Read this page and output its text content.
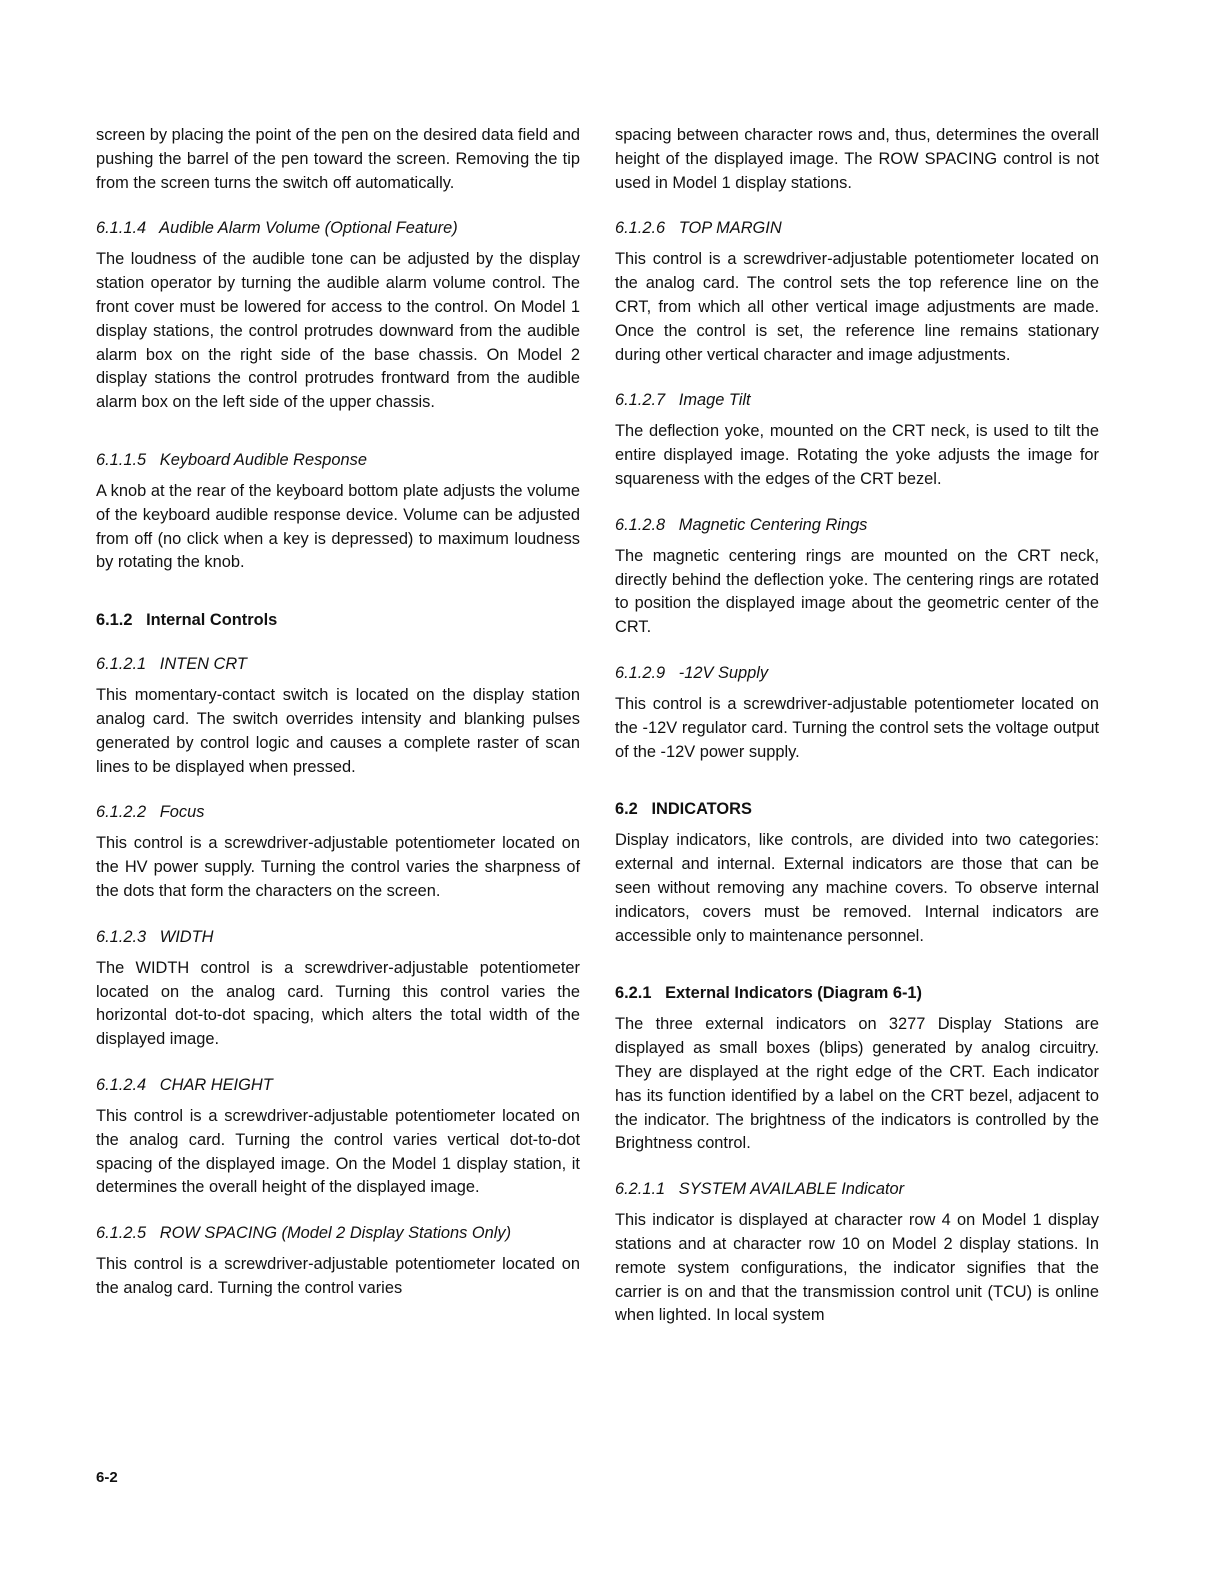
screen by placing the point of the pen on the desired data field and pushing the barrel of the pen toward the screen. Removing the tip from the screen turns the switch off automatically.

6.1.1.4   Audible Alarm Volume (Optional Feature)

The loudness of the audible tone can be adjusted by the display station operator by turning the audible alarm volume control. The front cover must be lowered for access to the control. On Model 1 display stations, the control protrudes downward from the audible alarm box on the right side of the base chassis. On Model 2 display stations the control protrudes frontward from the audible alarm box on the left side of the upper chassis.

6.1.1.5   Keyboard Audible Response

A knob at the rear of the keyboard bottom plate adjusts the volume of the keyboard audible response device. Volume can be adjusted from off (no click when a key is depressed) to maximum loudness by rotating the knob.

6.1.2   Internal Controls

6.1.2.1   INTEN CRT

This momentary-contact switch is located on the display station analog card. The switch overrides intensity and blanking pulses generated by control logic and causes a complete raster of scan lines to be displayed when pressed.

6.1.2.2   Focus

This control is a screwdriver-adjustable potentiometer located on the HV power supply. Turning the control varies the sharpness of the dots that form the characters on the screen.

6.1.2.3   WIDTH

The WIDTH control is a screwdriver-adjustable potentiometer located on the analog card. Turning this control varies the horizontal dot-to-dot spacing, which alters the total width of the displayed image.

6.1.2.4   CHAR HEIGHT

This control is a screwdriver-adjustable potentiometer located on the analog card. Turning the control varies vertical dot-to-dot spacing of the displayed image. On the Model 1 display station, it determines the overall height of the displayed image.

6.1.2.5   ROW SPACING (Model 2 Display Stations Only)

This control is a screwdriver-adjustable potentiometer located on the analog card. Turning the control varies

spacing between character rows and, thus, determines the overall height of the displayed image. The ROW SPACING control is not used in Model 1 display stations.

6.1.2.6   TOP MARGIN

This control is a screwdriver-adjustable potentiometer located on the analog card. The control sets the top reference line on the CRT, from which all other vertical image adjustments are made. Once the control is set, the reference line remains stationary during other vertical character and image adjustments.

6.1.2.7   Image Tilt

The deflection yoke, mounted on the CRT neck, is used to tilt the entire displayed image. Rotating the yoke adjusts the image for squareness with the edges of the CRT bezel.

6.1.2.8   Magnetic Centering Rings

The magnetic centering rings are mounted on the CRT neck, directly behind the deflection yoke. The centering rings are rotated to position the displayed image about the geometric center of the CRT.

6.1.2.9   -12V Supply

This control is a screwdriver-adjustable potentiometer located on the -12V regulator card. Turning the control sets the voltage output of the -12V power supply.

6.2   INDICATORS

Display indicators, like controls, are divided into two categories: external and internal. External indicators are those that can be seen without removing any machine covers. To observe internal indicators, covers must be removed. Internal indicators are accessible only to maintenance personnel.

6.2.1   External Indicators (Diagram 6-1)

The three external indicators on 3277 Display Stations are displayed as small boxes (blips) generated by analog circuitry. They are displayed at the right edge of the CRT. Each indicator has its function identified by a label on the CRT bezel, adjacent to the indicator. The brightness of the indicators is controlled by the Brightness control.

6.2.1.1   SYSTEM AVAILABLE Indicator

This indicator is displayed at character row 4 on Model 1 display stations and at character row 10 on Model 2 display stations. In remote system configurations, the indicator signifies that the carrier is on and that the transmission control unit (TCU) is online when lighted. In local system

6-2
